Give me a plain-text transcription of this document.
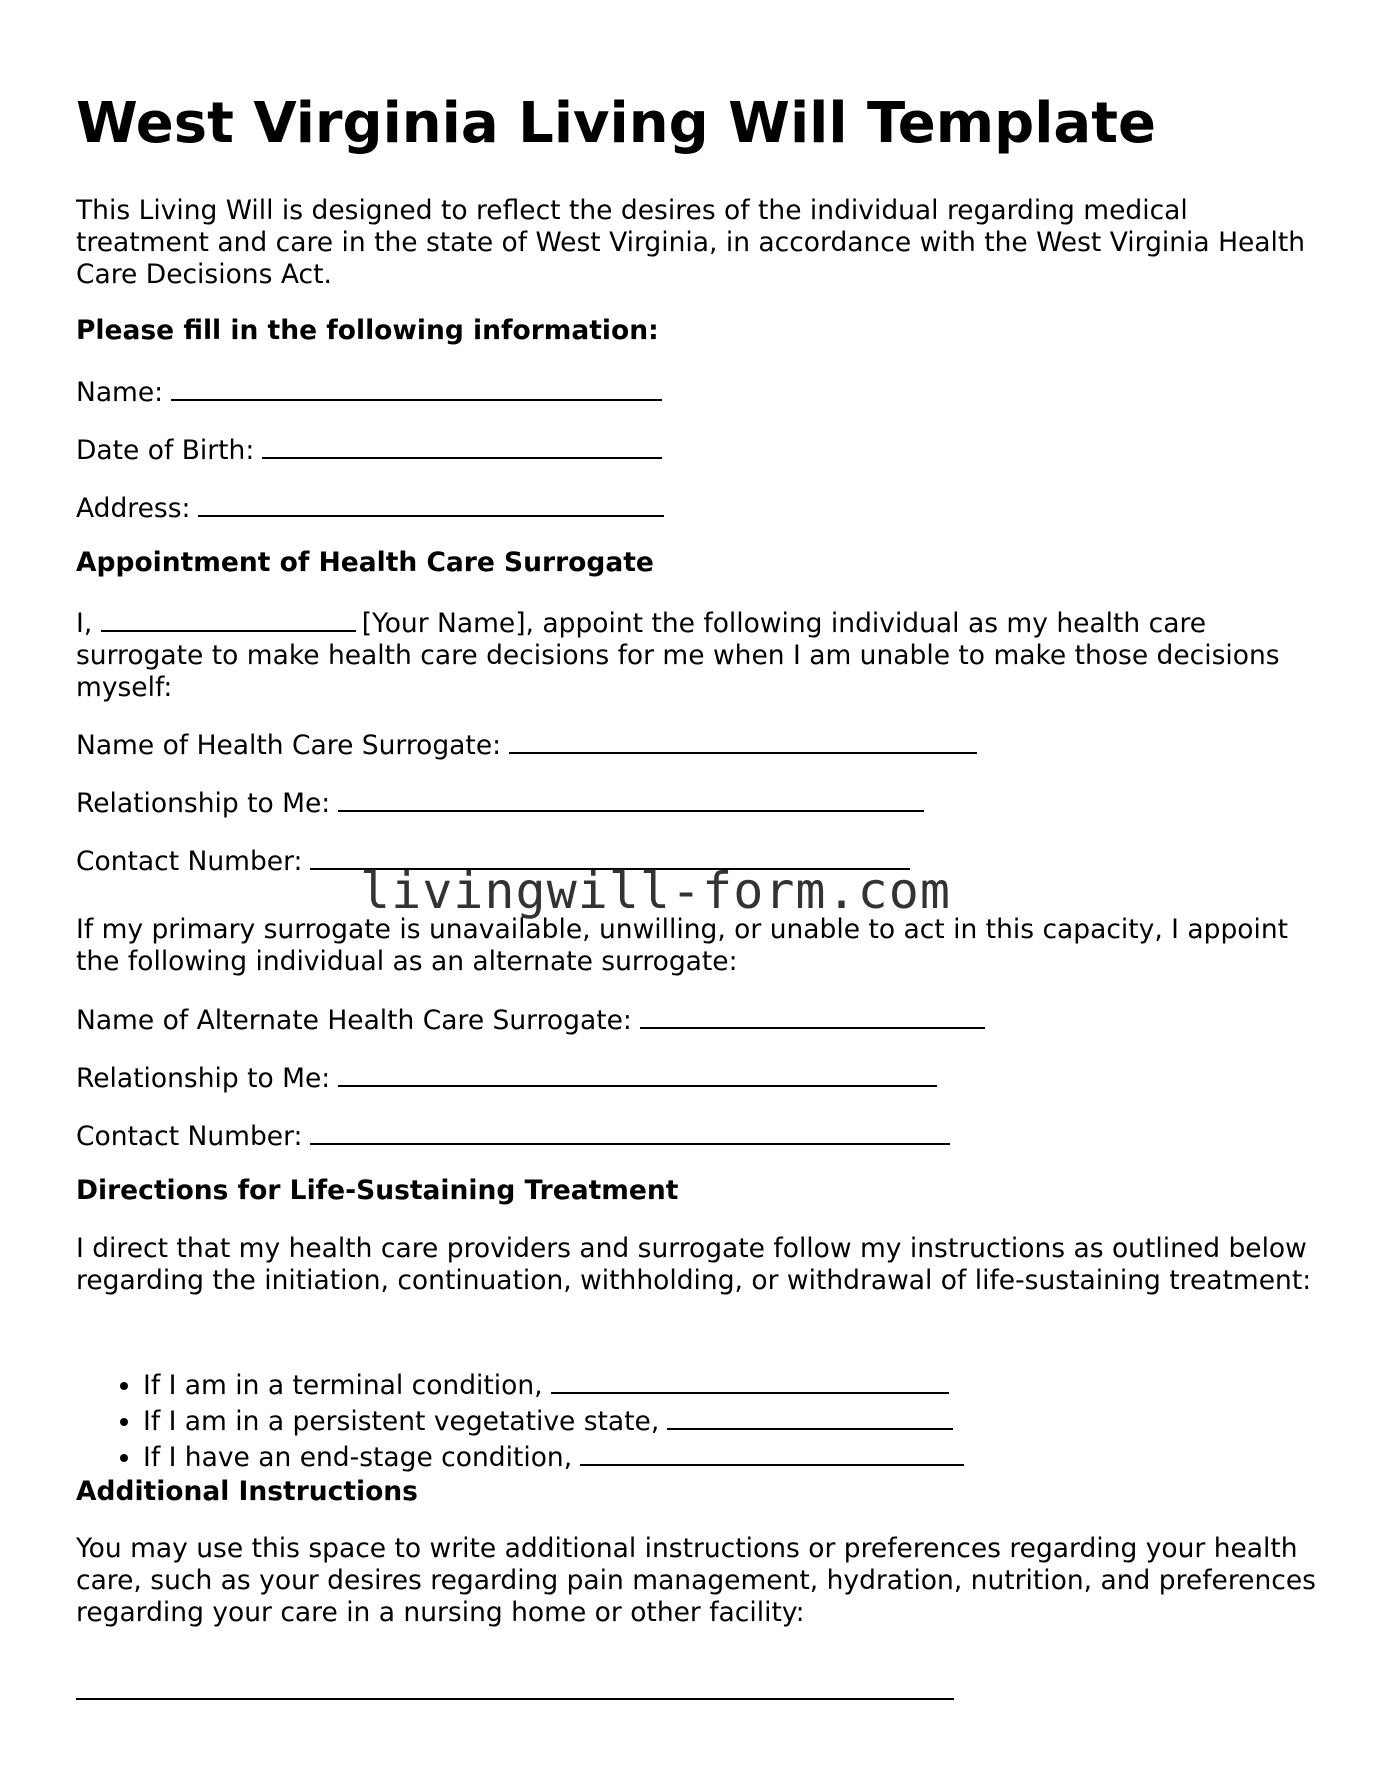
West Virginia Living Will Template

This Living Will is designed to reflect the desires of the individual regarding medical treatment and care in the state of West Virginia, in accordance with the West Virginia Health Care Decisions Act.

Please fill in the following information:

Name:

Date of Birth:

Address:

Appointment of Health Care Surrogate

I,	[Your Name], appoint the following individual as my health care surrogate to make health care decisions for me when I am unable to make those decisions myself:

Name of Health Care Surrogate:

Relationship to Me:

Contact Number:

If my primary surrogate is unavailable, unwilling, or unable to act in this capacity, I appoint the following individual as an alternate surrogate:

Name of Alternate Health Care Surrogate:

Relationship to Me:

Contact Number:

Directions for Life-Sustaining Treatment

I direct that my health care providers and surrogate follow my instructions as outlined below regarding the initiation, continuation, withholding, or withdrawal of life-sustaining treatment:

• If I am in a terminal condition,
• If I am in a persistent vegetative state,
• If I have an end-stage condition,

Additional Instructions

You may use this space to write additional instructions or preferences regarding your health care, such as your desires regarding pain management, hydration, nutrition, and preferences regarding your care in a nursing home or other facility:

livingwill-form.com
